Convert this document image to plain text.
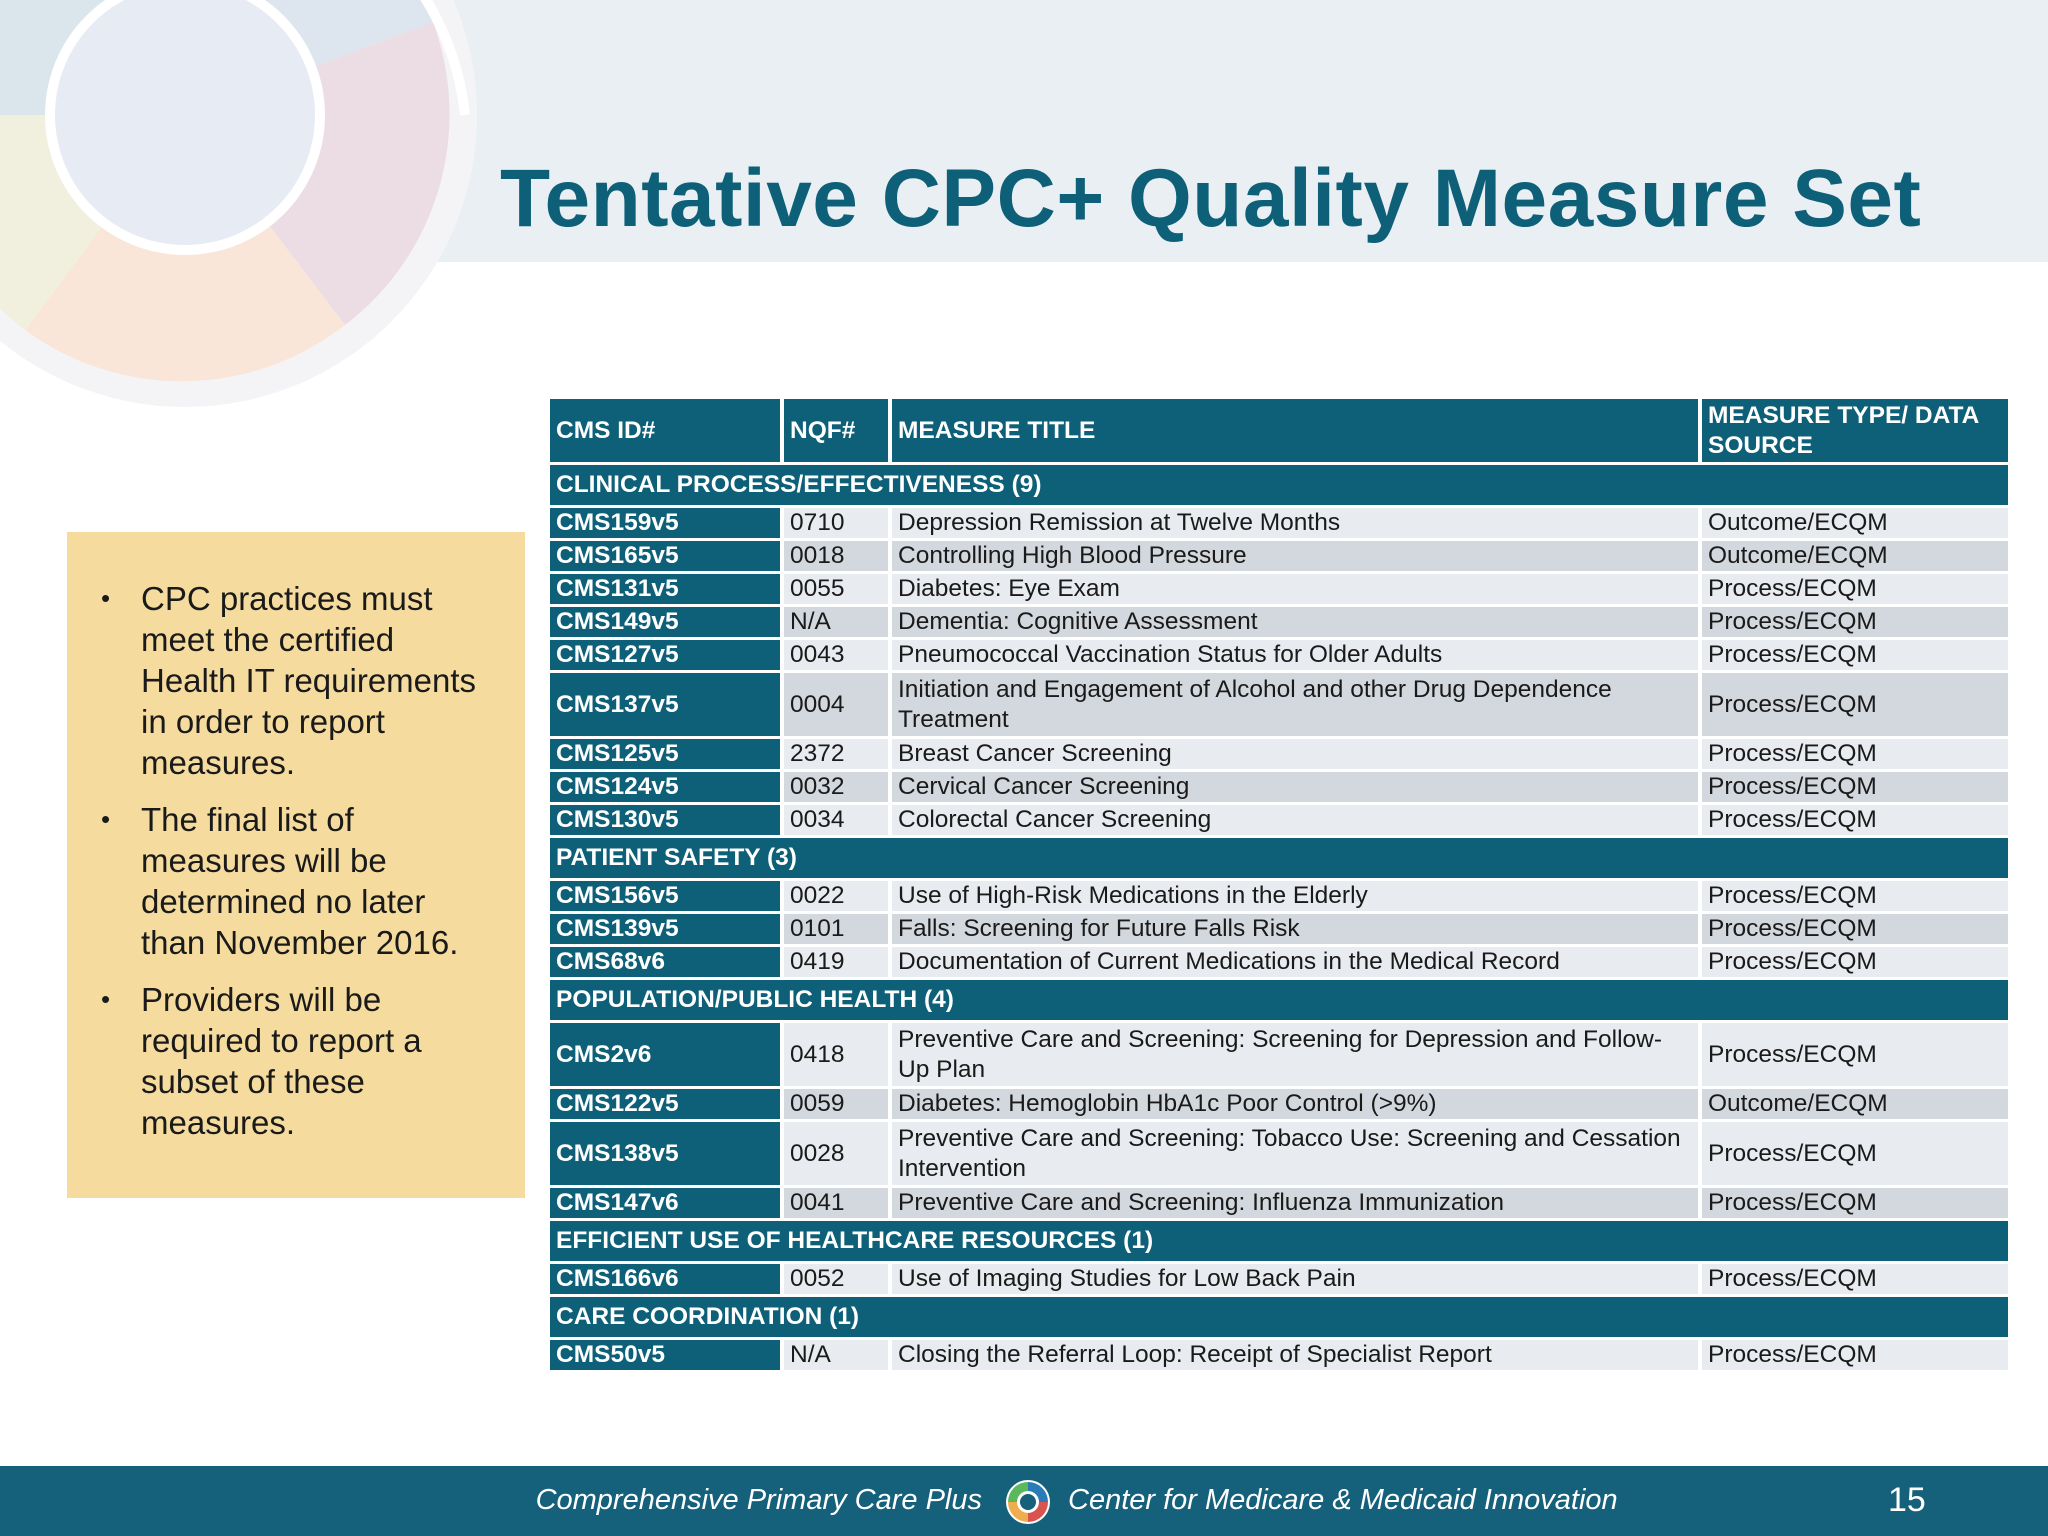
Tentative CPC+ Quality Measure Set
• CPC practices must meet the certified Health IT requirements in order to report measures.
• The final list of measures will be determined no later than November 2016.
• Providers will be required to report a subset of these measures.
CMS ID#	NQF#	MEASURE TITLE	MEASURE TYPE/ DATA SOURCE
CLINICAL PROCESS/EFFECTIVENESS (9)			
CMS159v5	0710	Depression Remission at Twelve Months	Outcome/ECQM
CMS165v5	0018	Controlling High Blood Pressure	Outcome/ECQM
CMS131v5	0055	Diabetes: Eye Exam	Process/ECQM
CMS149v5	N/A	Dementia: Cognitive Assessment	Process/ECQM
CMS127v5	0043	Pneumococcal Vaccination Status for Older Adults	Process/ECQM
CMS137v5	0004	Initiation and Engagement of Alcohol and other Drug Dependence Treatment	Process/ECQM
CMS125v5	2372	Breast Cancer Screening	Process/ECQM
CMS124v5	0032	Cervical Cancer Screening	Process/ECQM
CMS130v5	0034	Colorectal Cancer Screening	Process/ECQM
PATIENT SAFETY (3)			
CMS156v5	0022	Use of High-Risk Medications in the Elderly	Process/ECQM
CMS139v5	0101	Falls: Screening for Future Falls Risk	Process/ECQM
CMS68v6	0419	Documentation of Current Medications in the Medical Record	Process/ECQM
POPULATION/PUBLIC HEALTH (4)			
CMS2v6	0418	Preventive Care and Screening: Screening for Depression and Follow-Up Plan	Process/ECQM
CMS122v5	0059	Diabetes: Hemoglobin HbA1c Poor Control (>9%)	Outcome/ECQM
CMS138v5	0028	Preventive Care and Screening: Tobacco Use: Screening and Cessation Intervention	Process/ECQM
CMS147v6	0041	Preventive Care and Screening: Influenza Immunization	Process/ECQM
EFFICIENT USE OF HEALTHCARE RESOURCES (1)			
CMS166v6	0052	Use of Imaging Studies for Low Back Pain	Process/ECQM
CARE COORDINATION (1)			
CMS50v5	N/A	Closing the Referral Loop: Receipt of Specialist Report	Process/ECQM
Comprehensive Primary Care Plus	Center for Medicare & Medicaid Innovation	15
